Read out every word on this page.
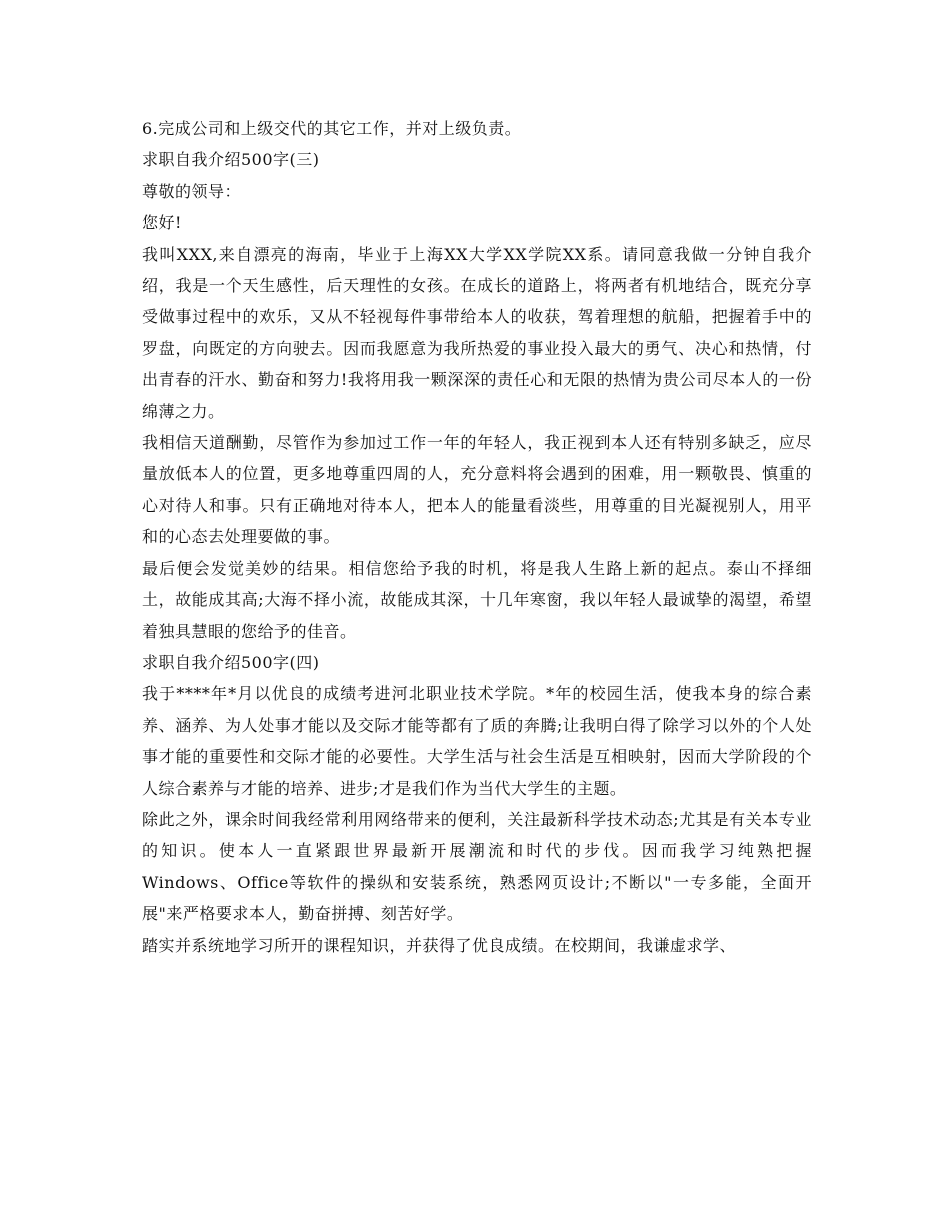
6.完成公司和上级交代的其它工作，并对上级负责。

求职自我介绍500字(三)

尊敬的领导：

您好!

我叫XXX,来自漂亮的海南，毕业于上海XX大学XX学院XX系。请同意我做一分钟自我介绍，我是一个天生感性，后天理性的女孩。在成长的道路上，将两者有机地结合，既充分享受做事过程中的欢乐，又从不轻视每件事带给本人的收获，驾着理想的航船，把握着手中的罗盘，向既定的方向驶去。因而我愿意为我所热爱的事业投入最大的勇气、决心和热情，付出青春的汗水、勤奋和努力!我将用我一颗深深的责任心和无限的热情为贵公司尽本人的一份绵薄之力。

我相信天道酬勤，尽管作为参加过工作一年的年轻人，我正视到本人还有特别多缺乏，应尽量放低本人的位置，更多地尊重四周的人，充分意料将会遇到的困难，用一颗敬畏、慎重的心对待人和事。只有正确地对待本人，把本人的能量看淡些，用尊重的目光凝视别人，用平和的心态去处理要做的事。

最后便会发觉美妙的结果。相信您给予我的时机，将是我人生路上新的起点。泰山不择细土，故能成其高;大海不择小流，故能成其深，十几年寒窗，我以年轻人最诚挚的渴望，希望着独具慧眼的您给予的佳音。

求职自我介绍500字(四)

我于****年*月以优良的成绩考进河北职业技术学院。*年的校园生活，使我本身的综合素养、涵养、为人处事才能以及交际才能等都有了质的奔腾;让我明白得了除学习以外的个人处事才能的重要性和交际才能的必要性。大学生活与社会生活是互相映射，因而大学阶段的个人综合素养与才能的培养、进步;才是我们作为当代大学生的主题。

除此之外，课余时间我经常利用网络带来的便利，关注最新科学技术动态;尤其是有关本专业的知识。使本人一直紧跟世界最新开展潮流和时代的步伐。因而我学习纯熟把握Windows、Office等软件的操纵和安装系统，熟悉网页设计;不断以"一专多能，全面开展"来严格要求本人，勤奋拼搏、刻苦好学。

踏实并系统地学习所开的课程知识，并获得了优良成绩。在校期间，我谦虚求学、
